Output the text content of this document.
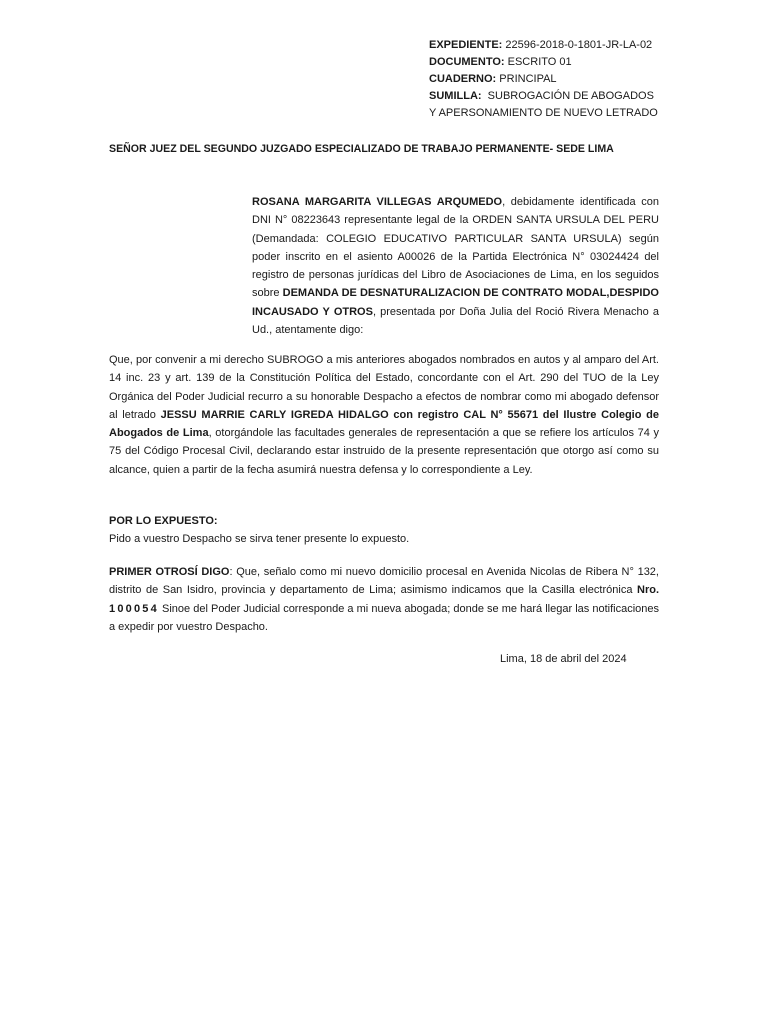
EXPEDIENTE: 22596-2018-0-1801-JR-LA-02
DOCUMENTO: ESCRITO 01
CUADERNO: PRINCIPAL
SUMILLA:  SUBROGACIÓN DE ABOGADOS
Y APERSONAMIENTO DE NUEVO LETRADO
SEÑOR JUEZ DEL SEGUNDO JUZGADO ESPECIALIZADO DE TRABAJO PERMANENTE- SEDE LIMA
ROSANA MARGARITA VILLEGAS ARQUMEDO, debidamente identificada con DNI N° 08223643 representante legal de la ORDEN SANTA URSULA DEL PERU (Demandada: COLEGIO EDUCATIVO PARTICULAR SANTA URSULA) según poder inscrito en el asiento A00026 de la Partida Electrónica N° 03024424 del registro de personas jurídicas del Libro de Asociaciones de Lima, en los seguidos sobre DEMANDA DE DESNATURALIZACION DE CONTRATO MODAL,DESPIDO INCAUSADO Y OTROS, presentada por Doña Julia del Roció Rivera Menacho a Ud., atentamente digo:
Que, por convenir a mi derecho SUBROGO a mis anteriores abogados nombrados en autos y al amparo del Art. 14 inc. 23 y art. 139 de la Constitución Política del Estado, concordante con el Art. 290 del TUO de la Ley Orgánica del Poder Judicial recurro a su honorable Despacho a efectos de nombrar como mi abogado defensor al letrado JESSU MARRIE CARLY IGREDA HIDALGO con registro CAL N° 55671 del Ilustre Colegio de Abogados de Lima, otorgándole las facultades generales de representación a que se refiere los artículos 74 y 75 del Código Procesal Civil, declarando estar instruido de la presente representación que otorgo así como su alcance, quien a partir de la fecha asumirá nuestra defensa y lo correspondiente a Ley.
POR LO EXPUESTO:
Pido a vuestro Despacho se sirva tener presente lo expuesto.
PRIMER OTROSÍ DIGO: Que, señalo como mi nuevo domicilio procesal en Avenida Nicolas de Ribera N° 132, distrito de San Isidro, provincia y departamento de Lima; asimismo indicamos que la Casilla electrónica Nro. 100054 Sinoe del Poder Judicial corresponde a mi nueva abogada; donde se me hará llegar las notificaciones a expedir por vuestro Despacho.
Lima, 18 de abril del 2024
